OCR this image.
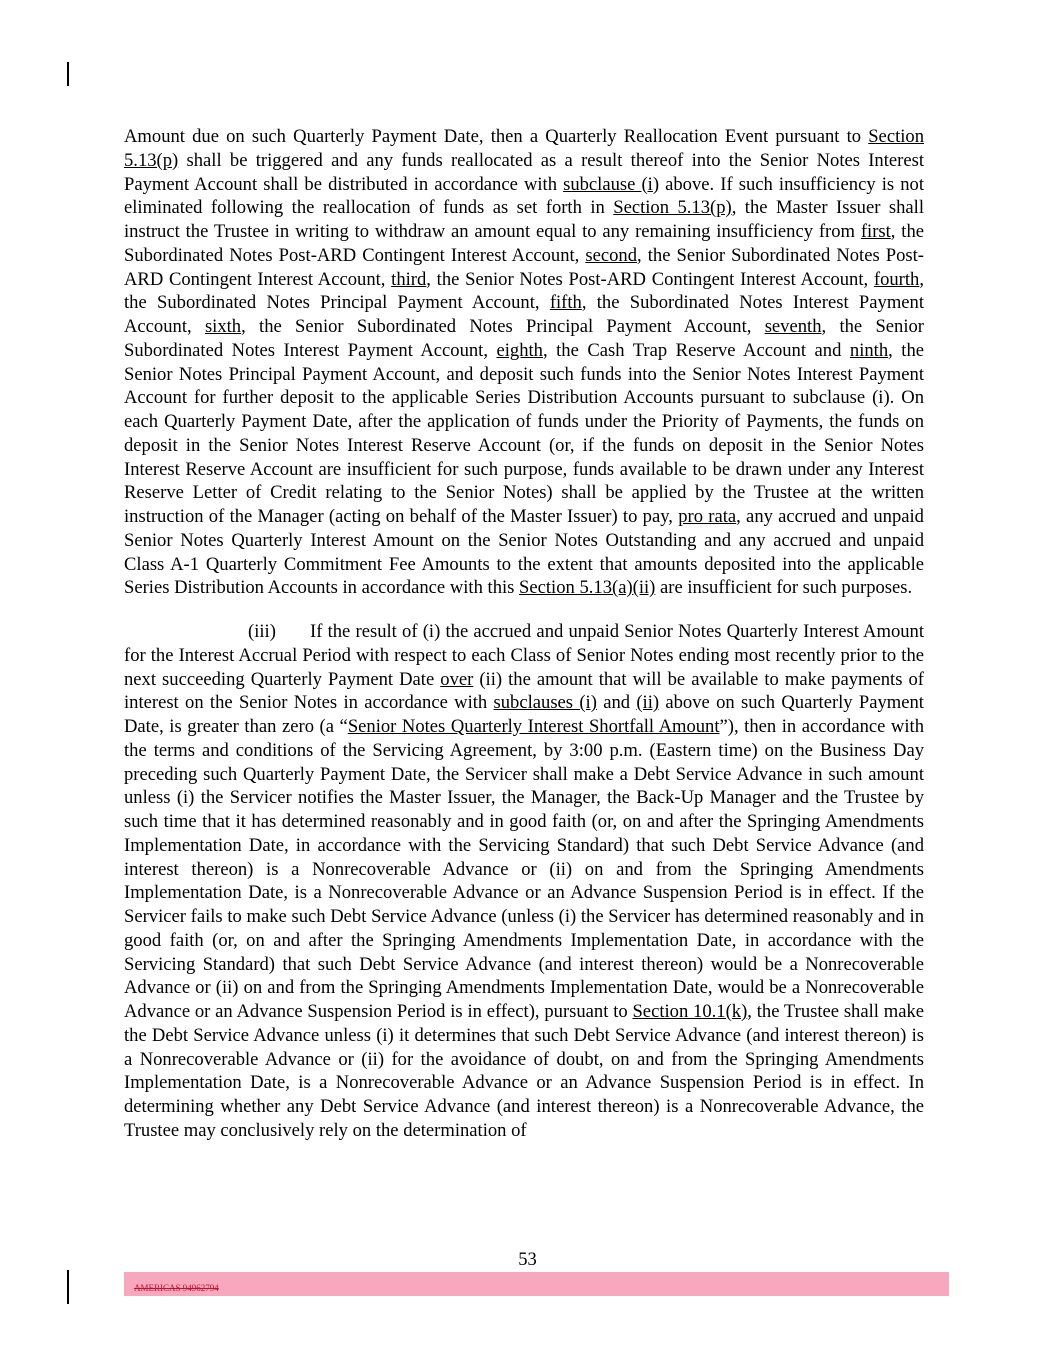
Amount due on such Quarterly Payment Date, then a Quarterly Reallocation Event pursuant to Section 5.13(p) shall be triggered and any funds reallocated as a result thereof into the Senior Notes Interest Payment Account shall be distributed in accordance with subclause (i) above. If such insufficiency is not eliminated following the reallocation of funds as set forth in Section 5.13(p), the Master Issuer shall instruct the Trustee in writing to withdraw an amount equal to any remaining insufficiency from first, the Subordinated Notes Post-ARD Contingent Interest Account, second, the Senior Subordinated Notes Post-ARD Contingent Interest Account, third, the Senior Notes Post-ARD Contingent Interest Account, fourth, the Subordinated Notes Principal Payment Account, fifth, the Subordinated Notes Interest Payment Account, sixth, the Senior Subordinated Notes Principal Payment Account, seventh, the Senior Subordinated Notes Interest Payment Account, eighth, the Cash Trap Reserve Account and ninth, the Senior Notes Principal Payment Account, and deposit such funds into the Senior Notes Interest Payment Account for further deposit to the applicable Series Distribution Accounts pursuant to subclause (i). On each Quarterly Payment Date, after the application of funds under the Priority of Payments, the funds on deposit in the Senior Notes Interest Reserve Account (or, if the funds on deposit in the Senior Notes Interest Reserve Account are insufficient for such purpose, funds available to be drawn under any Interest Reserve Letter of Credit relating to the Senior Notes) shall be applied by the Trustee at the written instruction of the Manager (acting on behalf of the Master Issuer) to pay, pro rata, any accrued and unpaid Senior Notes Quarterly Interest Amount on the Senior Notes Outstanding and any accrued and unpaid Class A-1 Quarterly Commitment Fee Amounts to the extent that amounts deposited into the applicable Series Distribution Accounts in accordance with this Section 5.13(a)(ii) are insufficient for such purposes.

(iii) If the result of (i) the accrued and unpaid Senior Notes Quarterly Interest Amount for the Interest Accrual Period with respect to each Class of Senior Notes ending most recently prior to the next succeeding Quarterly Payment Date over (ii) the amount that will be available to make payments of interest on the Senior Notes in accordance with subclauses (i) and (ii) above on such Quarterly Payment Date, is greater than zero (a “Senior Notes Quarterly Interest Shortfall Amount”), then in accordance with the terms and conditions of the Servicing Agreement, by 3:00 p.m. (Eastern time) on the Business Day preceding such Quarterly Payment Date, the Servicer shall make a Debt Service Advance in such amount unless (i) the Servicer notifies the Master Issuer, the Manager, the Back-Up Manager and the Trustee by such time that it has determined reasonably and in good faith (or, on and after the Springing Amendments Implementation Date, in accordance with the Servicing Standard) that such Debt Service Advance (and interest thereon) is a Nonrecoverable Advance or (ii) on and from the Springing Amendments Implementation Date, is a Nonrecoverable Advance or an Advance Suspension Period is in effect. If the Servicer fails to make such Debt Service Advance (unless (i) the Servicer has determined reasonably and in good faith (or, on and after the Springing Amendments Implementation Date, in accordance with the Servicing Standard) that such Debt Service Advance (and interest thereon) would be a Nonrecoverable Advance or (ii) on and from the Springing Amendments Implementation Date, would be a Nonrecoverable Advance or an Advance Suspension Period is in effect), pursuant to Section 10.1(k), the Trustee shall make the Debt Service Advance unless (i) it determines that such Debt Service Advance (and interest thereon) is a Nonrecoverable Advance or (ii) for the avoidance of doubt, on and from the Springing Amendments Implementation Date, is a Nonrecoverable Advance or an Advance Suspension Period is in effect. In determining whether any Debt Service Advance (and interest thereon) is a Nonrecoverable Advance, the Trustee may conclusively rely on the determination of

53
AMERICAS 94962794
